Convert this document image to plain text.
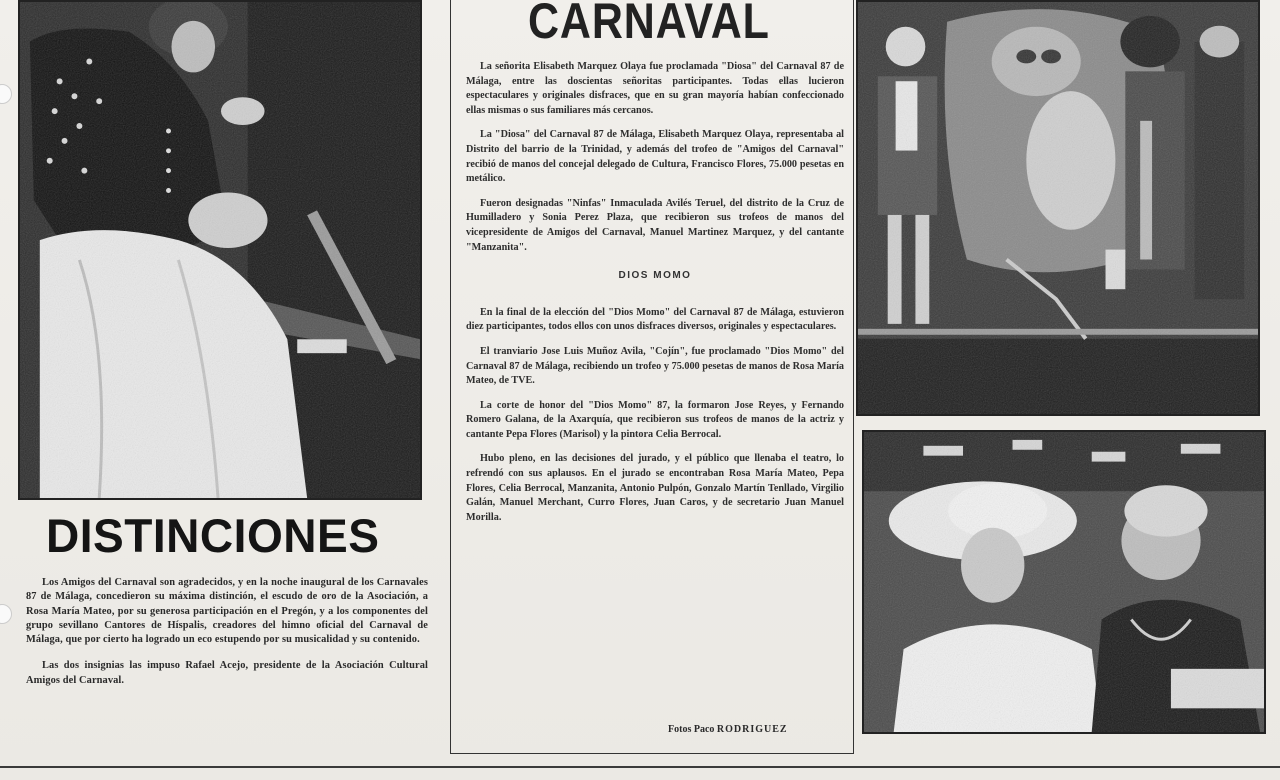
DISTINCIONES

Los Amigos del Carnaval son agradecidos, y en la noche inaugural de los Carnavales 87 de Málaga, concedieron su máxima distinción, el escudo de oro de la Asociación, a Rosa María Mateo, por su generosa participación en el Pregón, y a los componentes del grupo sevillano Cantores de Híspalis, creadores del himno oficial del Carnaval de Málaga, que por cierto ha logrado un eco estupendo por su musicalidad y su contenido.

Las dos insignias las impuso Rafael Acejo, presidente de la Asociación Cultural Amigos del Carnaval.

CARNAVAL

La señorita Elisabeth Marquez Olaya fue proclamada "Diosa" del Carnaval 87 de Málaga, entre las doscientas señoritas participantes. Todas ellas lucieron espectaculares y originales disfraces, que en su gran mayoría habían confeccionado ellas mismas o sus familiares más cercanos.

La "Diosa" del Carnaval 87 de Málaga, Elisabeth Marquez Olaya, representaba al Distrito del barrio de la Trinidad, y además del trofeo de "Amigos del Carnaval" recibió de manos del concejal delegado de Cultura, Francisco Flores, 75.000 pesetas en metálico.

Fueron designadas "Ninfas" Inmaculada Avilés Teruel, del distrito de la Cruz de Humilladero y Sonia Perez Plaza, que recibieron sus trofeos de manos del vicepresidente de Amigos del Carnaval, Manuel Martinez Marquez, y del cantante "Manzanita".

DIOS MOMO

En la final de la elección del "Dios Momo" del Carnaval 87 de Málaga, estuvieron diez participantes, todos ellos con unos disfraces diversos, originales y espectaculares.

El tranviario Jose Luis Muñoz Avila, "Cojín", fue proclamado "Dios Momo" del Carnaval 87 de Málaga, recibiendo un trofeo y 75.000 pesetas de manos de Rosa María Mateo, de TVE.

La corte de honor del "Dios Momo" 87, la formaron Jose Reyes, y Fernando Romero Galana, de la Axarquía, que recibieron sus trofeos de manos de la actriz y cantante Pepa Flores (Marisol) y la pintora Celia Berrocal.

Hubo pleno, en las decisiones del jurado, y el público que llenaba el teatro, lo refrendó con sus aplausos. En el jurado se encontraban Rosa María Mateo, Pepa Flores, Celia Berrocal, Manzanita, Antonio Pulpón, Gonzalo Martín Tenllado, Virgilio Galán, Manuel Merchant, Curro Flores, Juan Caros, y de secretario Juan Manuel Morilla.

Fotos Paco RODRIGUEZ
